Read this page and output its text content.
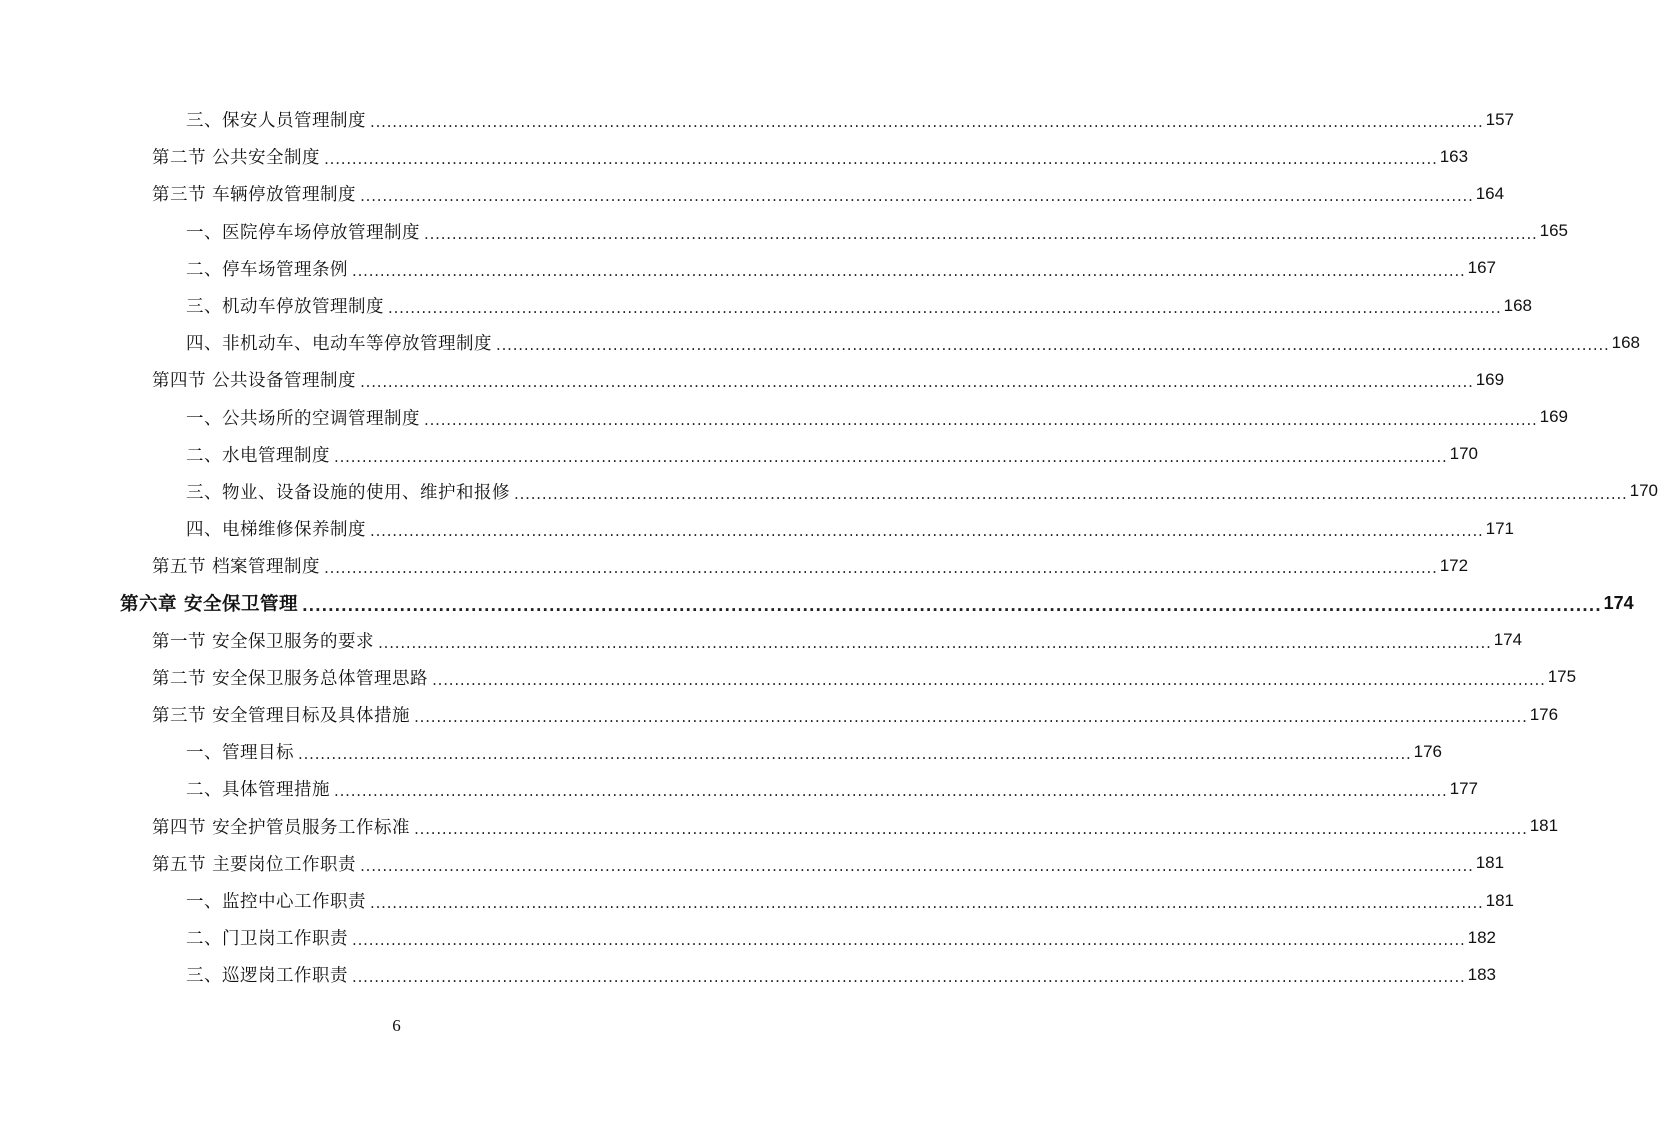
三、保安人员管理制度 ........................................................................................................................................................................................................ 157
第二节 公共安全制度 ........................................................................................................................................................................................................ 163
第三节 车辆停放管理制度 ........................................................................................................................................................................................................ 164
一、医院停车场停放管理制度 ........................................................................................................................................................................................................ 165
二、停车场管理条例 ........................................................................................................................................................................................................ 167
三、机动车停放管理制度 ........................................................................................................................................................................................................ 168
四、非机动车、电动车等停放管理制度 ........................................................................................................................................................................................................ 168
第四节 公共设备管理制度 ........................................................................................................................................................................................................ 169
一、公共场所的空调管理制度 ........................................................................................................................................................................................................ 169
二、水电管理制度 ........................................................................................................................................................................................................ 170
三、物业、设备设施的使用、维护和报修 ........................................................................................................................................................................................................ 170
四、电梯维修保养制度 ........................................................................................................................................................................................................ 171
第五节 档案管理制度 ........................................................................................................................................................................................................ 172
第六章 安全保卫管理 ........................................................................................................................................................................................................ 174
第一节 安全保卫服务的要求 ........................................................................................................................................................................................................ 174
第二节 安全保卫服务总体管理思路 ........................................................................................................................................................................................................ 175
第三节 安全管理目标及具体措施 ........................................................................................................................................................................................................ 176
一、管理目标 ........................................................................................................................................................................................................ 176
二、具体管理措施 ........................................................................................................................................................................................................ 177
第四节 安全护管员服务工作标准 ........................................................................................................................................................................................................ 181
第五节 主要岗位工作职责 ........................................................................................................................................................................................................ 181
一、监控中心工作职责 ........................................................................................................................................................................................................ 181
二、门卫岗工作职责 ........................................................................................................................................................................................................ 182
三、巡逻岗工作职责 ........................................................................................................................................................................................................ 183
6
